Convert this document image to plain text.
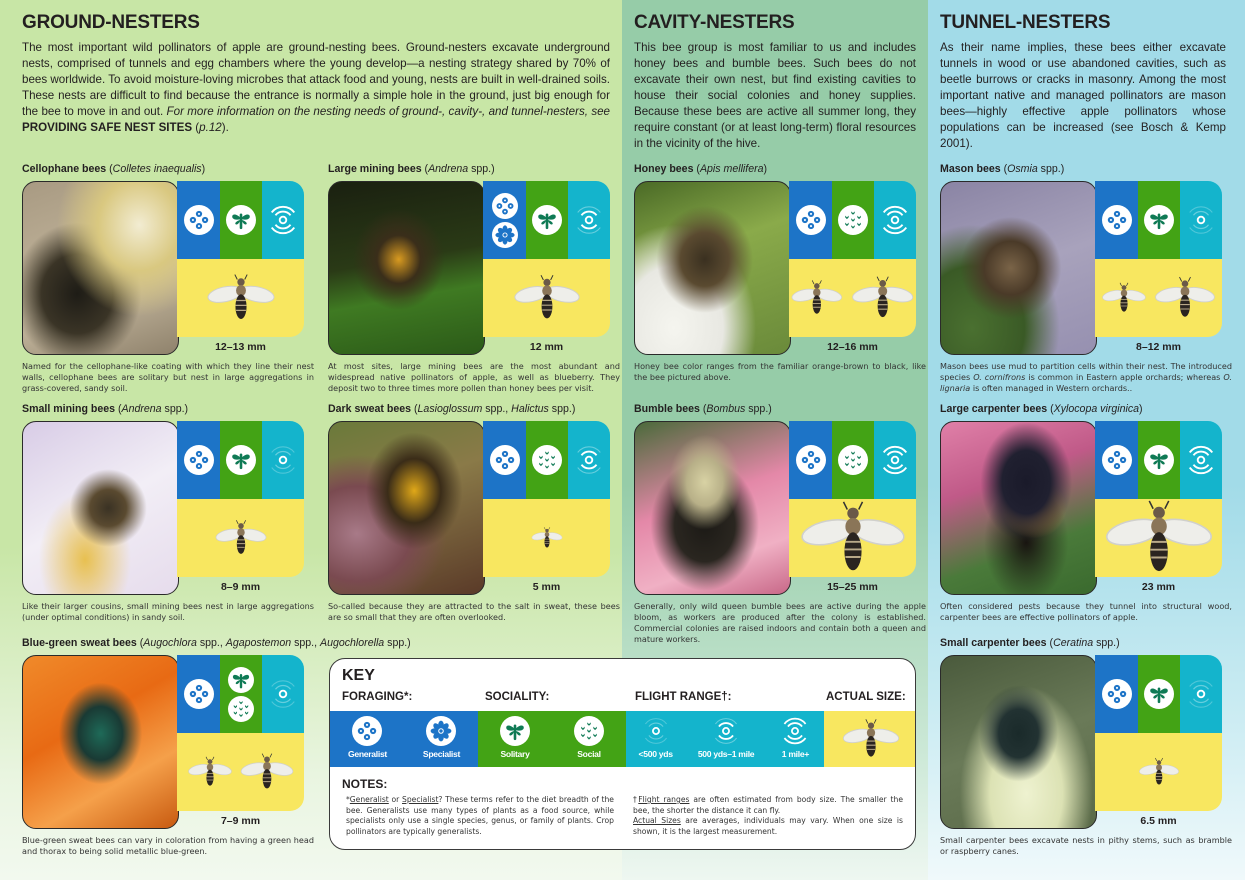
GROUND-NESTERS
The most important wild pollinators of apple are ground-nesting bees. Ground-nesters excavate underground nests, comprised of tunnels and egg chambers where the young develop—a nesting strategy shared by 70% of bees worldwide. To avoid moisture-loving microbes that attack food and young, nests are built in well-drained soils. These nests are difficult to find because the entrance is normally a simple hole in the ground, just big enough for the bee to move in and out. For more information on the nesting needs of ground-, cavity-, and tunnel-nesters, see PROVIDING SAFE NEST SITES (p.12).
CAVITY-NESTERS
This bee group is most familiar to us and includes honey bees and bumble bees. Such bees do not excavate their own nest, but find existing cavities to house their social colonies and honey supplies. Because these bees are active all summer long, they require constant (or at least long-term) floral resources in the vicinity of the hive.
TUNNEL-NESTERS
As their name implies, these bees either excavate tunnels in wood or use abandoned cavities, such as beetle burrows or cracks in masonry. Among the most important native and managed pollinators are mason bees—highly effective apple pollinators whose populations can be increased (see Bosch & Kemp 2001).
Cellophane bees (Colletes inaequalis)
12–13 mm
Named for the cellophane-like coating with which they line their nest walls, cellophane bees are solitary but nest in large aggregations in grass-covered, sandy soil.
Large mining bees (Andrena spp.)
12 mm
At most sites, large mining bees are the most abundant and widespread native pollinators of apple, as well as blueberry. They deposit two to three times more pollen than honey bees per visit.
Small mining bees (Andrena spp.)
8–9 mm
Like their larger cousins, small mining bees nest in large aggregations (under optimal conditions) in sandy soil.
Dark sweat bees (Lasioglossum spp., Halictus spp.)
5 mm
So-called because they are attracted to the salt in sweat, these bees are so small that they are often overlooked.
Blue-green sweat bees (Augochlora spp., Agapostemon spp., Augochlorella spp.)
7–9 mm
Blue-green sweat bees can vary in coloration from having a green head and thorax to being solid metallic blue-green.
Honey bees (Apis mellifera)
12–16 mm
Honey bee color ranges from the familiar orange-brown to black, like the bee pictured above.
Bumble bees (Bombus spp.)
15–25 mm
Generally, only wild queen bumble bees are active during the apple bloom, as workers are produced after the colony is established. Commercial colonies are raised indoors and contain both a queen and mature workers.
Mason bees (Osmia spp.)
8–12 mm
Mason bees use mud to partition cells within their nest. The introduced species O. cornifrons is common in Eastern apple orchards; whereas O. lignaria is often managed in Western orchards..
Large carpenter bees (Xylocopa virginica)
23 mm
Often considered pests because they tunnel into structural wood, carpenter bees are effective pollinators of apple.
Small carpenter bees (Ceratina spp.)
6.5 mm
Small carpenter bees excavate nests in pithy stems, such as bramble or raspberry canes.
KEY
FORAGING*:	SOCIALITY:	FLIGHT RANGE†:	ACTUAL SIZE:
Generalist	Specialist	Solitary	Social	<500 yds	500 yds–1 mile	1 mile+
NOTES:
*Generalist or Specialist? These terms refer to the diet breadth of the bee. Generalists use many types of plants as a food source, while specialists only use a single species, genus, or family of plants. Crop pollinators are typically generalists.
†Flight ranges are often estimated from body size. The smaller the bee, the shorter the distance it can fly.
Actual Sizes are averages, individuals may vary. When one size is shown, it is the largest measurement.
